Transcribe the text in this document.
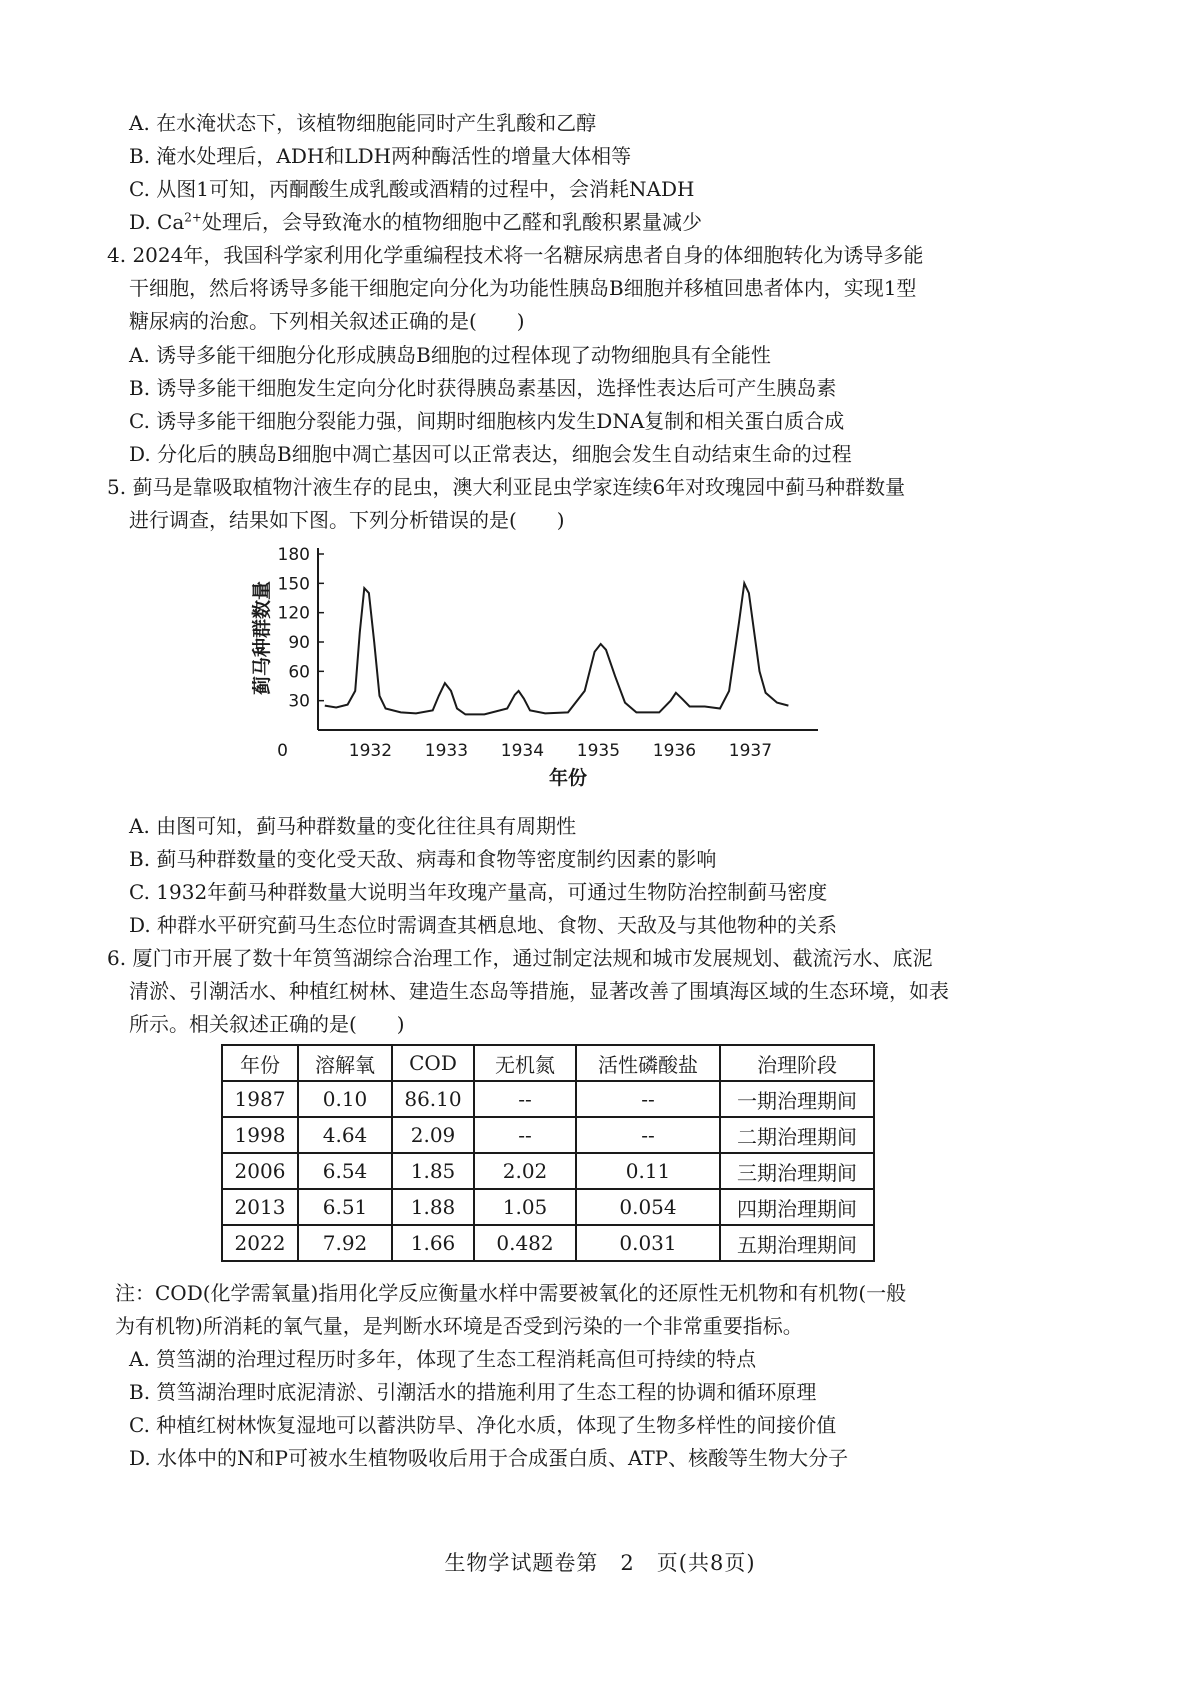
A. 在水淹状态下，该植物细胞能同时产生乳酸和乙醇
B. 淹水处理后，ADH和LDH两种酶活性的增量大体相等
C. 从图1可知，丙酮酸生成乳酸或酒精的过程中，会消耗NADH
D. $Ca^{2+}$处理后，会导致淹水的植物细胞中乙醛和乳酸积累量减少
4. 2024年，我国科学家利用化学重编程技术将一名糖尿病患者自身的体细胞转化为诱导多能
干细胞，然后将诱导多能干细胞定向分化为功能性胰岛B细胞并移植回患者体内，实现1型
糖尿病的治愈。下列相关叙述正确的是(　　)
A. 诱导多能干细胞分化形成胰岛B细胞的过程体现了动物细胞具有全能性
B. 诱导多能干细胞发生定向分化时获得胰岛素基因，选择性表达后可产生胰岛素
C. 诱导多能干细胞分裂能力强，间期时细胞核内发生DNA复制和相关蛋白质合成
D. 分化后的胰岛B细胞中凋亡基因可以正常表达，细胞会发生自动结束生命的过程
5. 蓟马是靠吸取植物汁液生存的昆虫，澳大利亚昆虫学家连续6年对玫瑰园中蓟马种群数量
进行调查，结果如下图。下列分析错误的是(　　)
0
30
60
90
120
150
180
1932 1933 1934 1935 1936 1937
蓟马种群数量
年份
A. 由图可知，蓟马种群数量的变化往往具有周期性
B. 蓟马种群数量的变化受天敌、病毒和食物等密度制约因素的影响
C. 1932年蓟马种群数量大说明当年玫瑰产量高，可通过生物防治控制蓟马密度
D. 种群水平研究蓟马生态位时需调查其栖息地、食物、天敌及与其他物种的关系
6. 厦门市开展了数十年筼筜湖综合治理工作，通过制定法规和城市发展规划、截流污水、底泥
清淤、引潮活水、种植红树林、建造生态岛等措施，显著改善了围填海区域的生态环境，如表
所示。相关叙述正确的是(　　)
年份	溶解氧	COD	无机氮	活性磷酸盐	治理阶段
1987	0.10	86.10	--	--	一期治理期间
1998	4.64	2.09	--	--	二期治理期间
2006	6.54	1.85	2.02	0.11	三期治理期间
2013	6.51	1.88	1.05	0.054	四期治理期间
2022	7.92	1.66	0.482	0.031	五期治理期间
注：COD(化学需氧量)指用化学反应衡量水样中需要被氧化的还原性无机物和有机物(一般
为有机物)所消耗的氧气量，是判断水环境是否受到污染的一个非常重要指标。
A. 筼筜湖的治理过程历时多年，体现了生态工程消耗高但可持续的特点
B. 筼筜湖治理时底泥清淤、引潮活水的措施利用了生态工程的协调和循环原理
C. 种植红树林恢复湿地可以蓄洪防旱、净化水质，体现了生物多样性的间接价值
D. 水体中的N和P可被水生植物吸收后用于合成蛋白质、ATP、核酸等生物大分子
生物学试题卷第　2　页(共8页)
